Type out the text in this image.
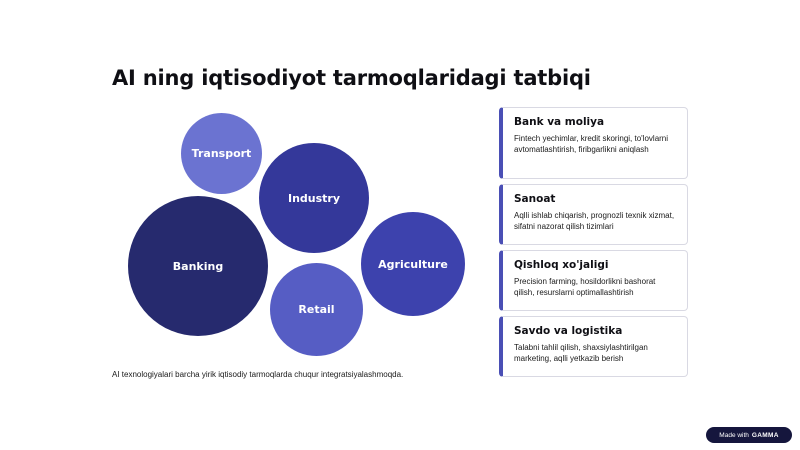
AI ning iqtisodiyot tarmoqlaridagi tatbiqi
Transport
Industry
Banking	Agriculture
Retail
AI texnologiyalari barcha yirik iqtisodiy tarmoqlarda chuqur integratsiyalashmoqda.
Bank va moliya
Fintech yechimlar, kredit skoringi, to'lovlarni avtomatlashtirish, firibgarlikni aniqlash
Sanoat
Aqlli ishlab chiqarish, prognozli texnik xizmat, sifatni nazorat qilish tizimlari
Qishloq xo'jaligi
Precision farming, hosildorlikni bashorat qilish, resurslarni optimallashtirish
Savdo va logistika
Talabni tahlil qilish, shaxsiylashtirilgan marketing, aqlli yetkazib berish
Made with GAMMA
